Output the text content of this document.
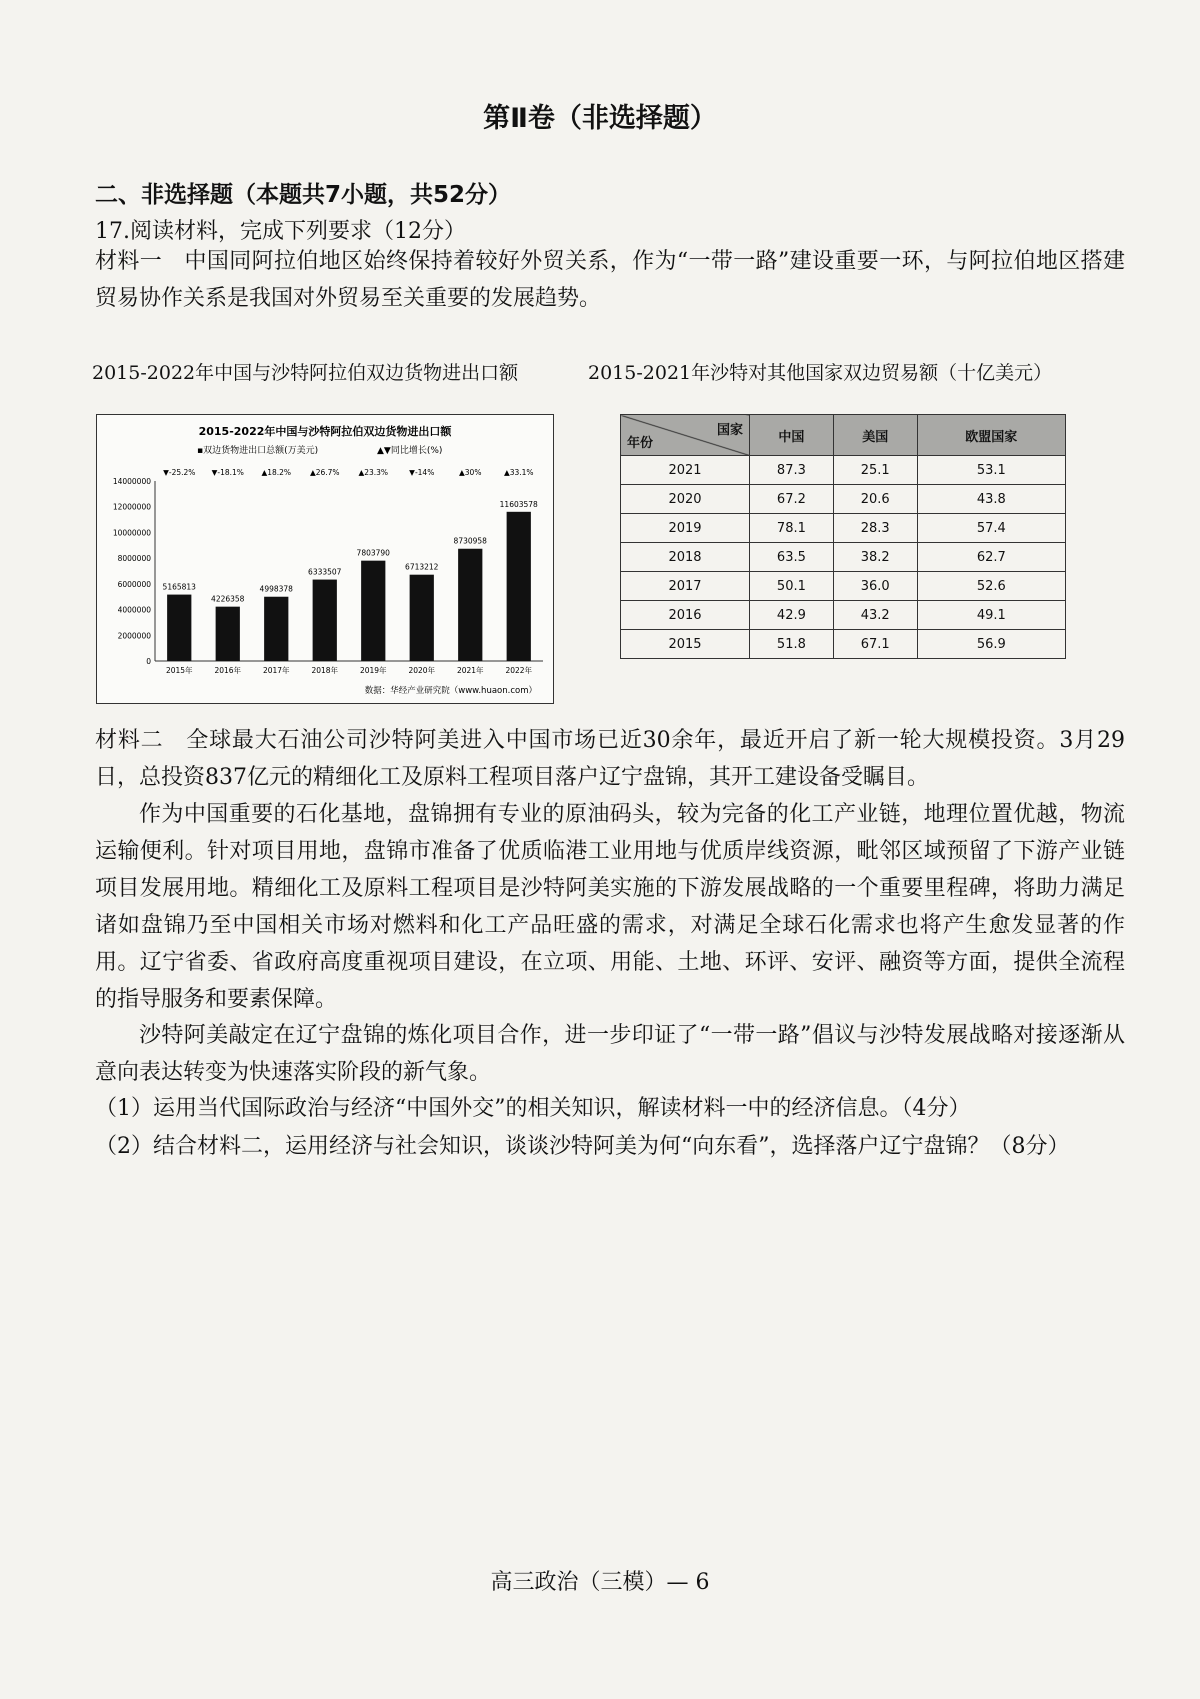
第Ⅱ卷（非选择题）
二、非选择题（本题共7小题，共52分）
17.阅读材料，完成下列要求（12分）
材料一　中国同阿拉伯地区始终保持着较好外贸关系，作为“一带一路”建设重要一环，与阿拉伯地区搭建贸易协作关系是我国对外贸易至关重要的发展趋势。
2015-2022年中国与沙特阿拉伯双边货物进出口额	2015-2021年沙特对其他国家双边贸易额（十亿美元）
2015-2022年中国与沙特阿拉伯双边货物进出口额
▪双边货物进出口总额(万美元)	▲▼同比增长(%)
0
2000000
4000000
6000000
8000000
10000000
12000000
14000000
5165813
2015年
▼-25.2%
4226358
2016年
▼-18.1%
4998378
2017年
▲18.2%
6333507
2018年
▲26.7%
7803790
2019年
▲23.3%
6713212
2020年
▼-14%
8730958
2021年
▲30%
11603578
2022年
▲33.1%
数据：华经产业研究院（www.huaon.com）
国家
年份	中国	美国	欧盟国家
2021	87.3	25.1	53.1
2020	67.2	20.6	43.8
2019	78.1	28.3	57.4
2018	63.5	38.2	62.7
2017	50.1	36.0	52.6
2016	42.9	43.2	49.1
2015	51.8	67.1	56.9
材料二　全球最大石油公司沙特阿美进入中国市场已近30余年，最近开启了新一轮大规模投资。3月29日，总投资837亿元的精细化工及原料工程项目落户辽宁盘锦，其开工建设备受瞩目。
作为中国重要的石化基地，盘锦拥有专业的原油码头，较为完备的化工产业链，地理位置优越，物流运输便利。针对项目用地，盘锦市准备了优质临港工业用地与优质岸线资源，毗邻区域预留了下游产业链项目发展用地。精细化工及原料工程项目是沙特阿美实施的下游发展战略的一个重要里程碑，将助力满足诸如盘锦乃至中国相关市场对燃料和化工产品旺盛的需求，对满足全球石化需求也将产生愈发显著的作用。辽宁省委、省政府高度重视项目建设，在立项、用能、土地、环评、安评、融资等方面，提供全流程的指导服务和要素保障。
沙特阿美敲定在辽宁盘锦的炼化项目合作，进一步印证了“一带一路”倡议与沙特发展战略对接逐渐从意向表达转变为快速落实阶段的新气象。
（1）运用当代国际政治与经济“中国外交”的相关知识，解读材料一中的经济信息。（4分）
（2）结合材料二，运用经济与社会知识，谈谈沙特阿美为何“向东看”，选择落户辽宁盘锦？（8分）
高三政治（三模）— 6
